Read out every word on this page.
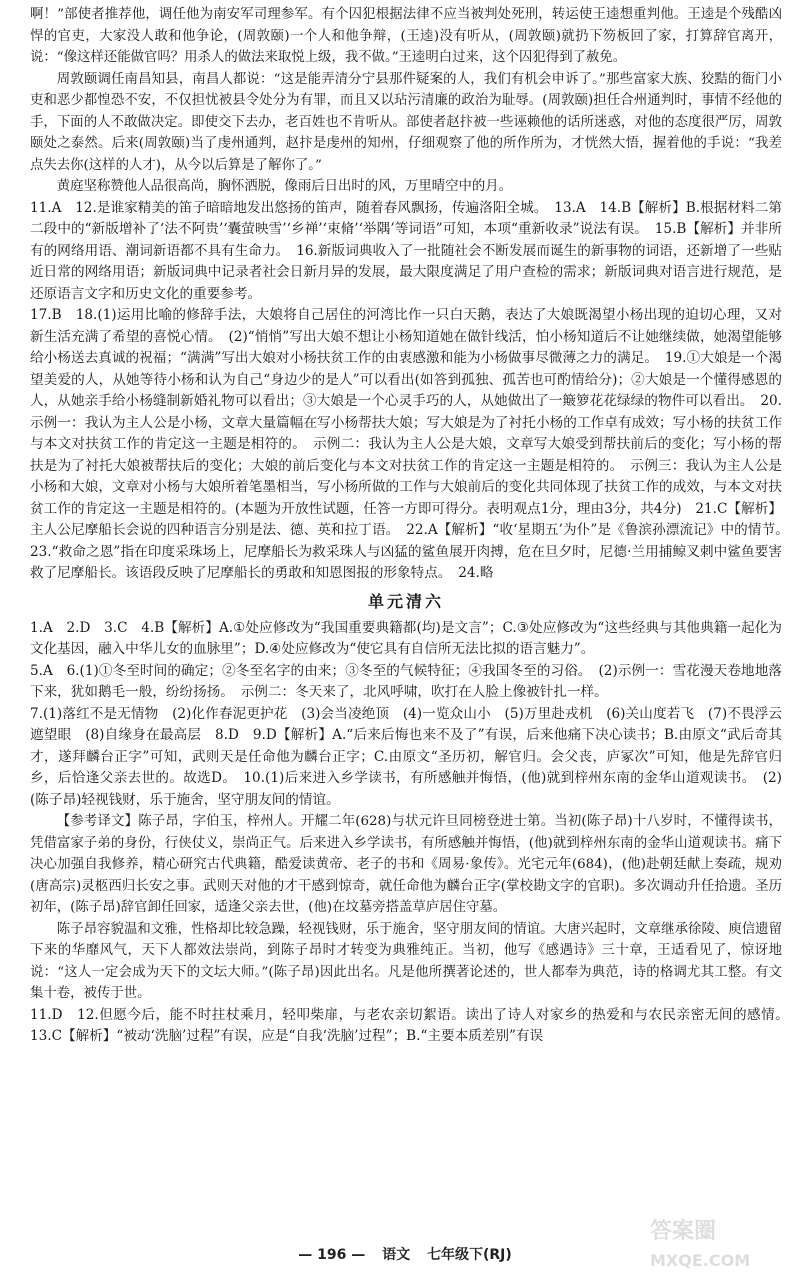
啊！”部使者推荐他，调任他为南安军司理参军。有个囚犯根据法律不应当被判处死刑，转运使王逵想重判他。王逵是个残酷凶悍的官吏，大家没人敢和他争论，(周敦颐)一个人和他争辩，(王逵)没有听从，(周敦颐)就扔下笏板回了家，打算辞官离开，说：“像这样还能做官吗？用杀人的做法来取悦上级，我不做。”王逵明白过来，这个囚犯得到了赦免。

周敦颐调任南昌知县，南昌人都说：“这是能弄清分宁县那件疑案的人，我们有机会申诉了。”那些富家大族、狡黠的衙门小吏和恶少都惶恐不安，不仅担忧被县令处分为有罪，而且又以玷污清廉的政治为耻辱。(周敦颐)担任合州通判时，事情不经他的手，下面的人不敢做决定。即使交下去办，老百姓也不肯听从。部使者赵抃被一些诬赖他的话所迷惑，对他的态度很严厉，周敦颐处之泰然。后来(周敦颐)当了虔州通判，赵抃是虔州的知州，仔细观察了他的所作所为，才恍然大悟，握着他的手说：“我差点失去你(这样的人才)，从今以后算是了解你了。”

黄庭坚称赞他人品很高尚，胸怀洒脱，像雨后日出时的风，万里晴空中的月。

11.A　12.是谁家精美的笛子暗暗地发出悠扬的笛声，随着春风飘扬，传遍洛阳全城。　13.A　14.B【解析】B.根据材料二第二段中的“新版增补了‘法不阿贵’‘囊萤映雪’‘乡禅’‘束脩’‘举隅’等词语”可知，本项“重新收录”说法有误。　15.B【解析】并非所有的网络用语、潮词新语都不具有生命力。　16.新版词典收入了一批随社会不断发展而诞生的新事物的词语，还新增了一些贴近日常的网络用语；新版词典中记录者社会日新月异的发展，最大限度满足了用户查检的需求；新版词典对语言进行规范，是还原语言文字和历史文化的重要参考。

17.B　18.(1)运用比喻的修辞手法，大娘将自己居住的河湾比作一只白天鹅，表达了大娘既渴望小杨出现的迫切心理，又对新生活充满了希望的喜悦心情。　(2)“悄悄”写出大娘不想让小杨知道她在做针线活，怕小杨知道后不让她继续做，她渴望能够给小杨送去真诚的祝福；“满满”写出大娘对小杨扶贫工作的由衷感激和能为小杨做事尽微薄之力的满足。　19.①大娘是一个渴望美爱的人，从她等待小杨和认为自己“身边少的是人”可以看出(如答到孤独、孤苦也可酌情给分)；②大娘是一个懂得感恩的人，从她亲手给小杨缝制新婚礼物可以看出；③大娘是一个心灵手巧的人，从她做出了一簸箩花花绿绿的物件可以看出。　20.示例一：我认为主人公是小杨，文章大量篇幅在写小杨帮扶大娘；写大娘是为了衬托小杨的工作卓有成效；写小杨的扶贫工作与本文对扶贫工作的肯定这一主题是相符的。　示例二：我认为主人公是大娘，文章写大娘受到帮扶前后的变化；写小杨的帮扶是为了衬托大娘被帮扶后的变化；大娘的前后变化与本文对扶贫工作的肯定这一主题是相符的。　示例三：我认为主人公是小杨和大娘，文章对小杨与大娘所着笔墨相当，写小杨所做的工作与大娘前后的变化共同体现了扶贫工作的成效，与本文对扶贫工作的肯定这一主题是相符的。(本题为开放性试题，任答一方即可得分。表明观点1分，理由3分，共4分)　21.C【解析】主人公尼摩船长会说的四种语言分别是法、德、英和拉丁语。　22.A【解析】“收‘星期五’为仆”是《鲁滨孙漂流记》中的情节。　23.“救命之恩”指在印度采珠场上，尼摩船长为救采珠人与凶猛的鲨鱼展开肉搏，危在旦夕时，尼德·兰用捕鲸叉刺中鲨鱼要害救了尼摩船长。该语段反映了尼摩船长的勇敢和知恩图报的形象特点。　24.略

单元清六

1.A　2.D　3.C　4.B【解析】A.①处应修改为“我国重要典籍都(均)是文言”；C.③处应修改为“这些经典与其他典籍一起化为文化基因，融入中华儿女的血脉里”；D.④处应修改为“使它具有自信所无法比拟的语言魅力”。

5.A　6.(1)①冬至时间的确定；②冬至名字的由来；③冬至的气候特征；④我国冬至的习俗。　(2)示例一：雪花漫天卷地地落下来，犹如鹅毛一般，纷纷扬扬。　示例二：冬天来了，北风呼啸，吹打在人脸上像被针扎一样。

7.(1)落红不是无情物　(2)化作春泥更护花　(3)会当凌绝顶　(4)一览众山小　(5)万里赴戎机　(6)关山度若飞　(7)不畏浮云遮望眼　(8)自缘身在最高层　8.D　9.D【解析】A.“后来后悔也来不及了”有误，后来他痛下决心读书；B.由原文“武后奇其才，遂拜麟台正字”可知，武则天是任命他为麟台正字；C.由原文“圣历初，解官归。会父丧，庐冢次”可知，他是先辞官归乡，后恰逢父亲去世的。故选D。　10.(1)后来进入乡学读书，有所感触并悔悟，(他)就到梓州东南的金华山道观读书。　(2)(陈子昂)轻视钱财，乐于施舍，坚守朋友间的情谊。

【参考译文】陈子昂，字伯玉，梓州人。开耀二年(628)与状元许旦同榜登进士第。当初(陈子昂)十八岁时，不懂得读书，凭借富家子弟的身份，行侠仗义，崇尚正气。后来进入乡学读书，有所感触并悔悟，(他)就到梓州东南的金华山道观读书。痛下决心加强自我修养，精心研究古代典籍，酷爱读黄帝、老子的书和《周易·象传》。光宅元年(684)，(他)赴朝廷献上奏疏，规劝(唐高宗)灵柩西归长安之事。武则天对他的才干感到惊奇，就任命他为麟台正字(掌校勘文字的官职)。多次调动升任拾遗。圣历初年，(陈子昂)辞官卸任回家，适逢父亲去世，(他)在坟墓旁搭盖草庐居住守墓。

陈子昂容貌温和文雅，性格却比较急躁，轻视钱财，乐于施舍，坚守朋友间的情谊。大唐兴起时，文章继承徐陵、庾信遗留下来的华靡风气，天下人都效法崇尚，到陈子昂时才转变为典雅纯正。当初，他写《感遇诗》三十章，王适看见了，惊讶地说：“这人一定会成为天下的文坛大师。”(陈子昂)因此出名。凡是他所撰著论述的，世人都奉为典范，诗的格调尤其工整。有文集十卷，被传于世。

11.D　12.但愿今后，能不时拄杖乘月，轻叩柴扉，与老农亲切絮语。读出了诗人对家乡的热爱和与农民亲密无间的感情。　13.C【解析】“被动‘洗脑’过程”有误，应是“自我‘洗脑’过程”；B.“主要本质差别”有误

— 196 — 语文 七年级下(RJ)
答案圈
MXQE.COM
